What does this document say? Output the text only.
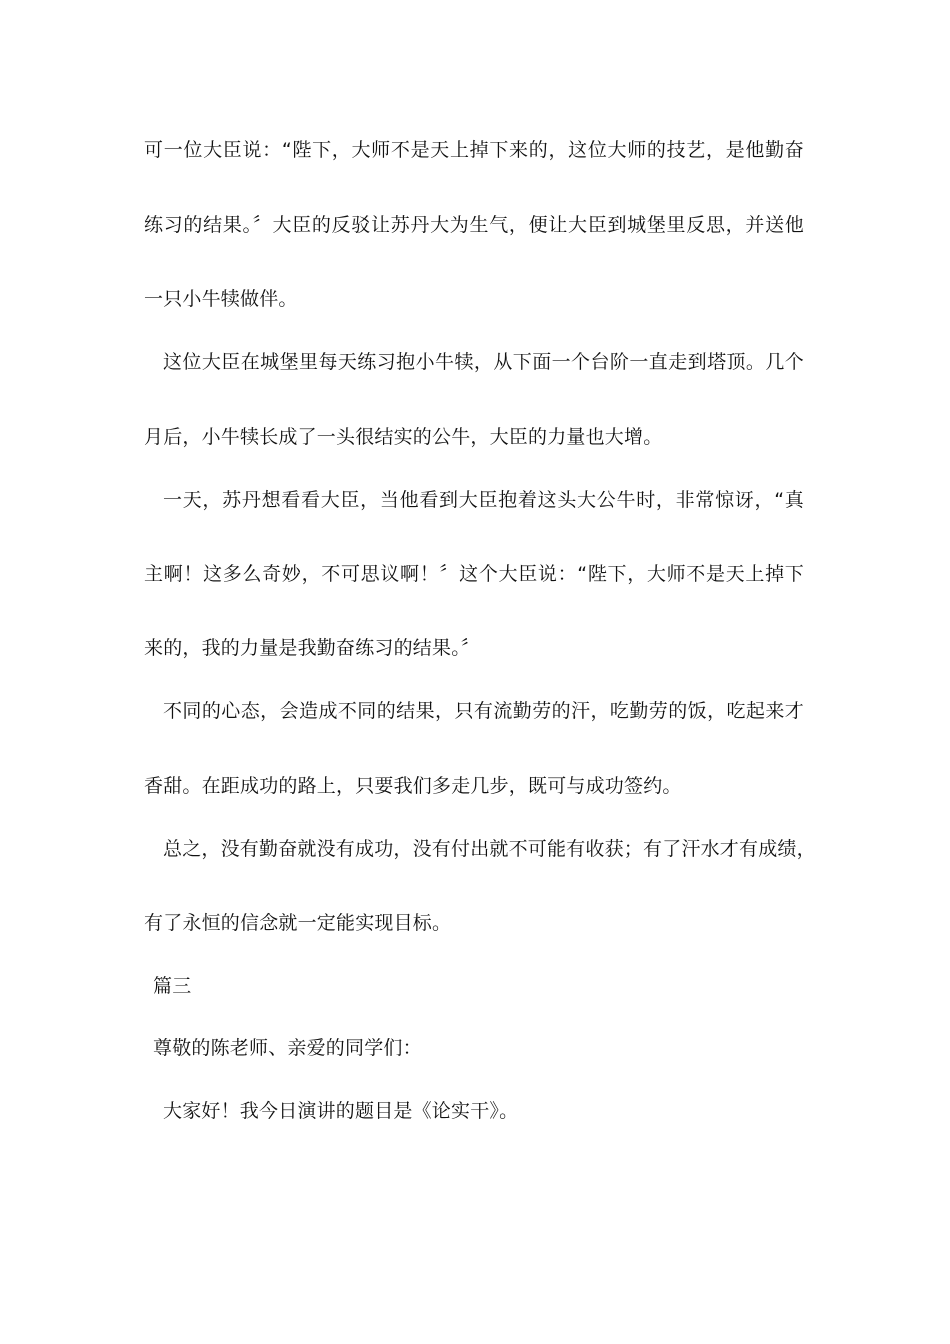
可一位大臣说：“陛下，大师不是天上掉下来的，这位大师的技艺，是他勤奋
练习的结果。〞大臣的反驳让苏丹大为生气，便让大臣到城堡里反思，并送他
一只小牛犊做伴。
这位大臣在城堡里每天练习抱小牛犊，从下面一个台阶一直走到塔顶。几个
月后，小牛犊长成了一头很结实的公牛，大臣的力量也大增。
一天，苏丹想看看大臣，当他看到大臣抱着这头大公牛时，非常惊讶，“真
主啊！这多么奇妙，不可思议啊！〞这个大臣说：“陛下，大师不是天上掉下
来的，我的力量是我勤奋练习的结果。〞
不同的心态，会造成不同的结果，只有流勤劳的汗，吃勤劳的饭，吃起来才
香甜。在距成功的路上，只要我们多走几步，既可与成功签约。
总之，没有勤奋就没有成功，没有付出就不可能有收获；有了汗水才有成绩，
有了永恒的信念就一定能实现目标。
篇三
尊敬的陈老师、亲爱的同学们：
大家好！我今日演讲的题目是《论实干》。
